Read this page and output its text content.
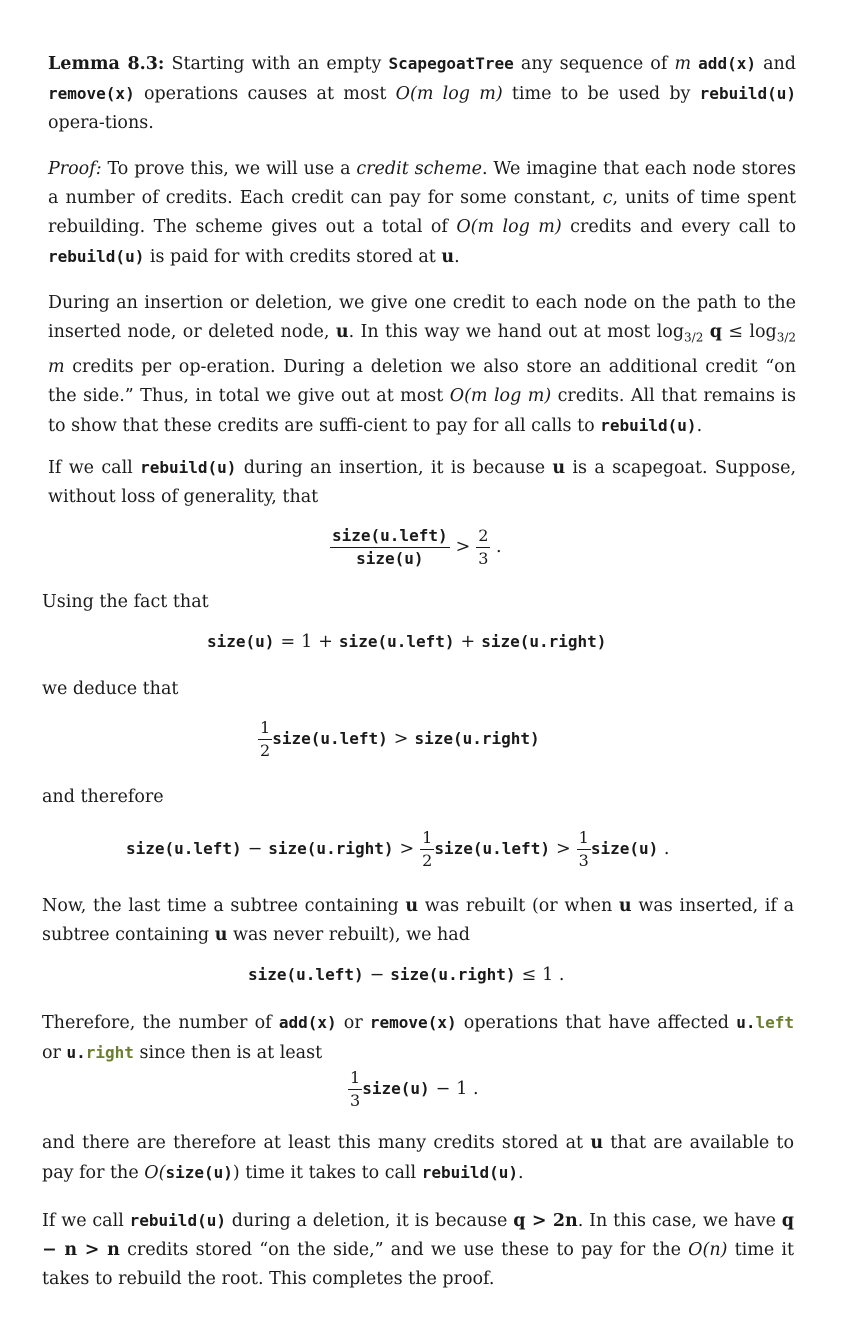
Lemma 8.3: Starting with an empty ScapegoatTree any sequence of m add(x) and remove(x) operations causes at most O(m log m) time to be used by rebuild(u) opera-tions.
Proof: To prove this, we will use a credit scheme. We imagine that each node stores a number of credits. Each credit can pay for some constant, c, units of time spent rebuilding. The scheme gives out a total of O(m log m) credits and every call to rebuild(u) is paid for with credits stored at u.
During an insertion or deletion, we give one credit to each node on the path to the inserted node, or deleted node, u. In this way we hand out at most $\log_{3/2} q \le \log_{3/2} m$ credits per op-eration. During a deletion we also store an additional credit “on the side.” Thus, in total we give out at most O(m log m) credits. All that remains is to show that these credits are suffi-cient to pay for all calls to rebuild(u).
If we call rebuild(u) during an insertion, it is because u is a scapegoat. Suppose, without loss of generality, that
$\frac{\text{size(u.left)}}{\text{size(u)}} > \frac{2}{3}$ .
Using the fact that
size(u) = 1 + size(u.left) + size(u.right)
we deduce that
$\frac{1}{2}$ size(u.left) > size(u.right)
and therefore
size(u.left) − size(u.right) > $\frac{1}{2}$ size(u.left) > $\frac{1}{3}$ size(u) .
Now, the last time a subtree containing u was rebuilt (or when u was inserted, if a subtree containing u was never rebuilt), we had
size(u.left) − size(u.right) ≤ 1 .
Therefore, the number of add(x) or remove(x) operations that have affected u.left or u.right since then is at least
$\frac{1}{3}$ size(u) − 1 .
and there are therefore at least this many credits stored at u that are available to pay for the O(size(u)) time it takes to call rebuild(u).
If we call rebuild(u) during a deletion, it is because q > 2n. In this case, we have q − n > n credits stored “on the side,” and we use these to pay for the O(n) time it takes to rebuild the root. This completes the proof.
